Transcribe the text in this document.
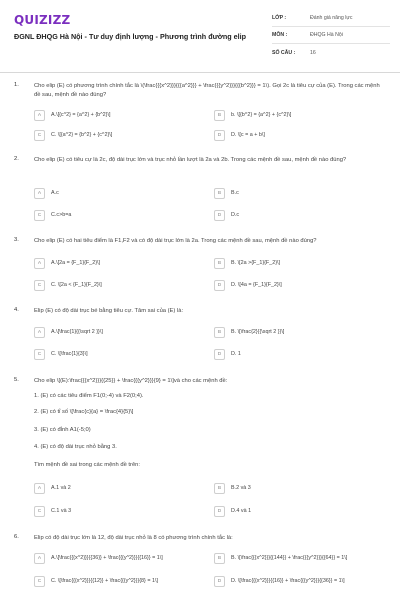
QUIZIZZ
ĐGNL ĐHQG Hà Nội - Tư duy định lượng - Phương trình đường elip
LỚP :	Đánh giá năng lực
MÔN :	ĐHQG Hà Nội
SỐ CÂU :	16
1.	Cho elip (E) có phương trình chính tắc là \(\frac{{{x^2}}}{{{a^2}}} + \frac{{{y^2}}}{{{b^2}}} = 1\). Gọi 2c là tiêu cự của (E). Trong các mệnh đề sau, mệnh đề nào đúng?
A	A.\[{c^2} = {a^2} + {b^2}\]	B	b. \[{b^2} = {a^2} + {c^2}\]
C	C. \[{a^2} = {b^2} + {c^2}\]	D	D. \[c = a + b\]
2.	Cho elip (E) có tiêu cự là 2c, độ dài trục lớn và trục nhỏ lần lượt là 2a và 2b. Trong các mệnh đề sau, mệnh đề nào đúng?
A	A.c	B	B.c
C	C.c>b=a	D	D.c
3.	Cho elip (E) có hai tiêu điểm là F1,F2 và có độ dài trục lớn là 2a. Trong các mệnh đề sau, mệnh đề nào đúng?
A	A.\[2a = {F_1}{F_2}\]	B	B. \[2a >{F_1}{F_2}\]
C	C. \[2a < {F_1}{F_2}\]	D	D. \[4a = {F_1}{F_2}\]
4.	Elip (E) có độ dài trục bé bằng tiêu cự. Tâm sai của (E) là:
A	A.\[\frac{1}{{\sqrt 2 }}\]	B	B. \[\frac{2}{{\sqrt 2 }}\]
C	C. \[\frac{1}{3}\]	D	D. 1
5.	Cho elip \[(E):\frac{{{x^2}}}{{25}} + \frac{{{y^2}}}{9} = 1\]và cho các mệnh đề:
1. (E) có các tiêu điểm F1(0;-4) và F2(0;4).
2. (E) có tỉ số \[\frac{c}{a} = \frac{4}{5}\]
3. (E) có đỉnh A1(-5;0)
4. (E) có độ dài trục nhỏ bằng 3.
Tìm mệnh đề sai trong các mệnh đề trên:
A	A.1 và 2	B	B.2 và 3
C	C.1 và 3	D	D.4 và 1
6.	Elip có độ dài trục lớn là 12, độ dài trục nhỏ là 8 có phương trình chính tắc là:
A	A.\[\frac{{{x^2}}}{{36}} + \frac{{{y^2}}}{{16}} = 1\]	B	B. \[\frac{{{x^2}}}{{144}} + \frac{{{y^2}}}{{64}} = 1\]
C	C. \[\frac{{{x^2}}}{{12}} + \frac{{{y^2}}}{8} = 1\]	D	D. \[\frac{{{x^2}}}{{16}} + \frac{{{y^2}}}{{36}} = 1\]
